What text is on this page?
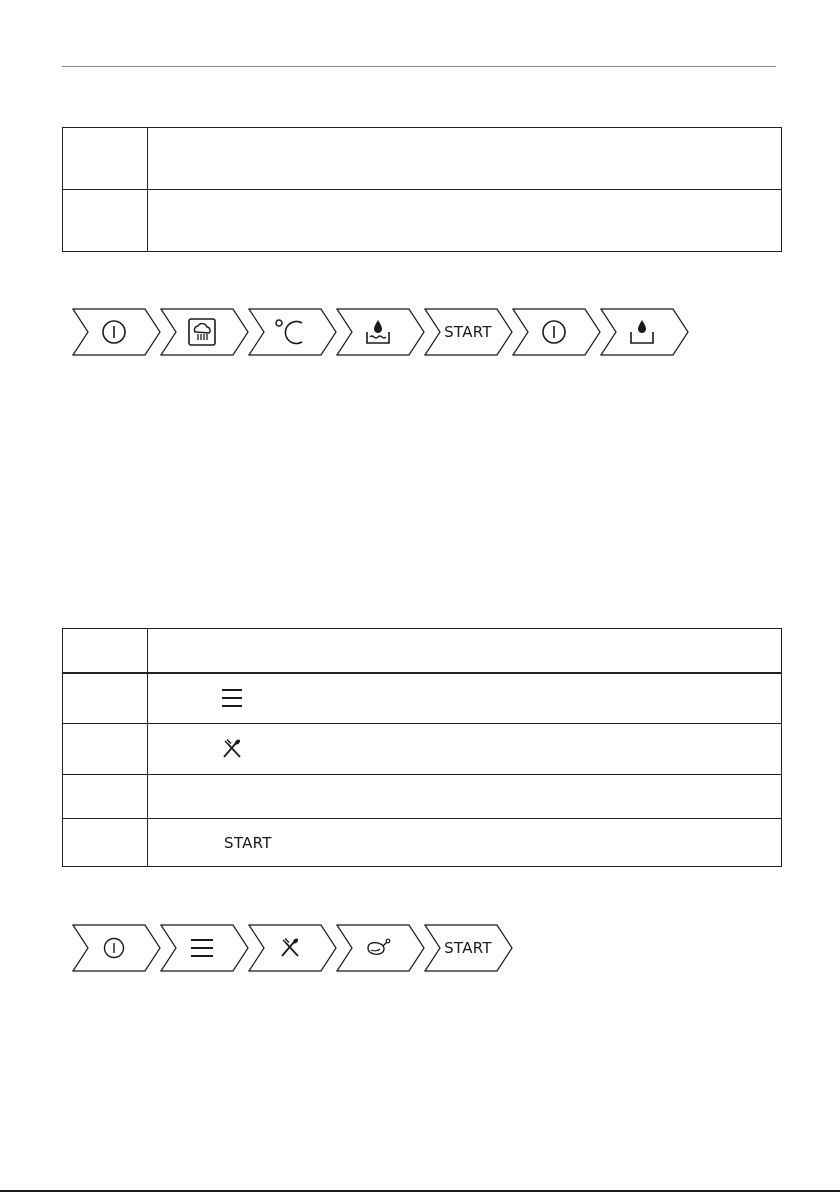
START

	START
START
